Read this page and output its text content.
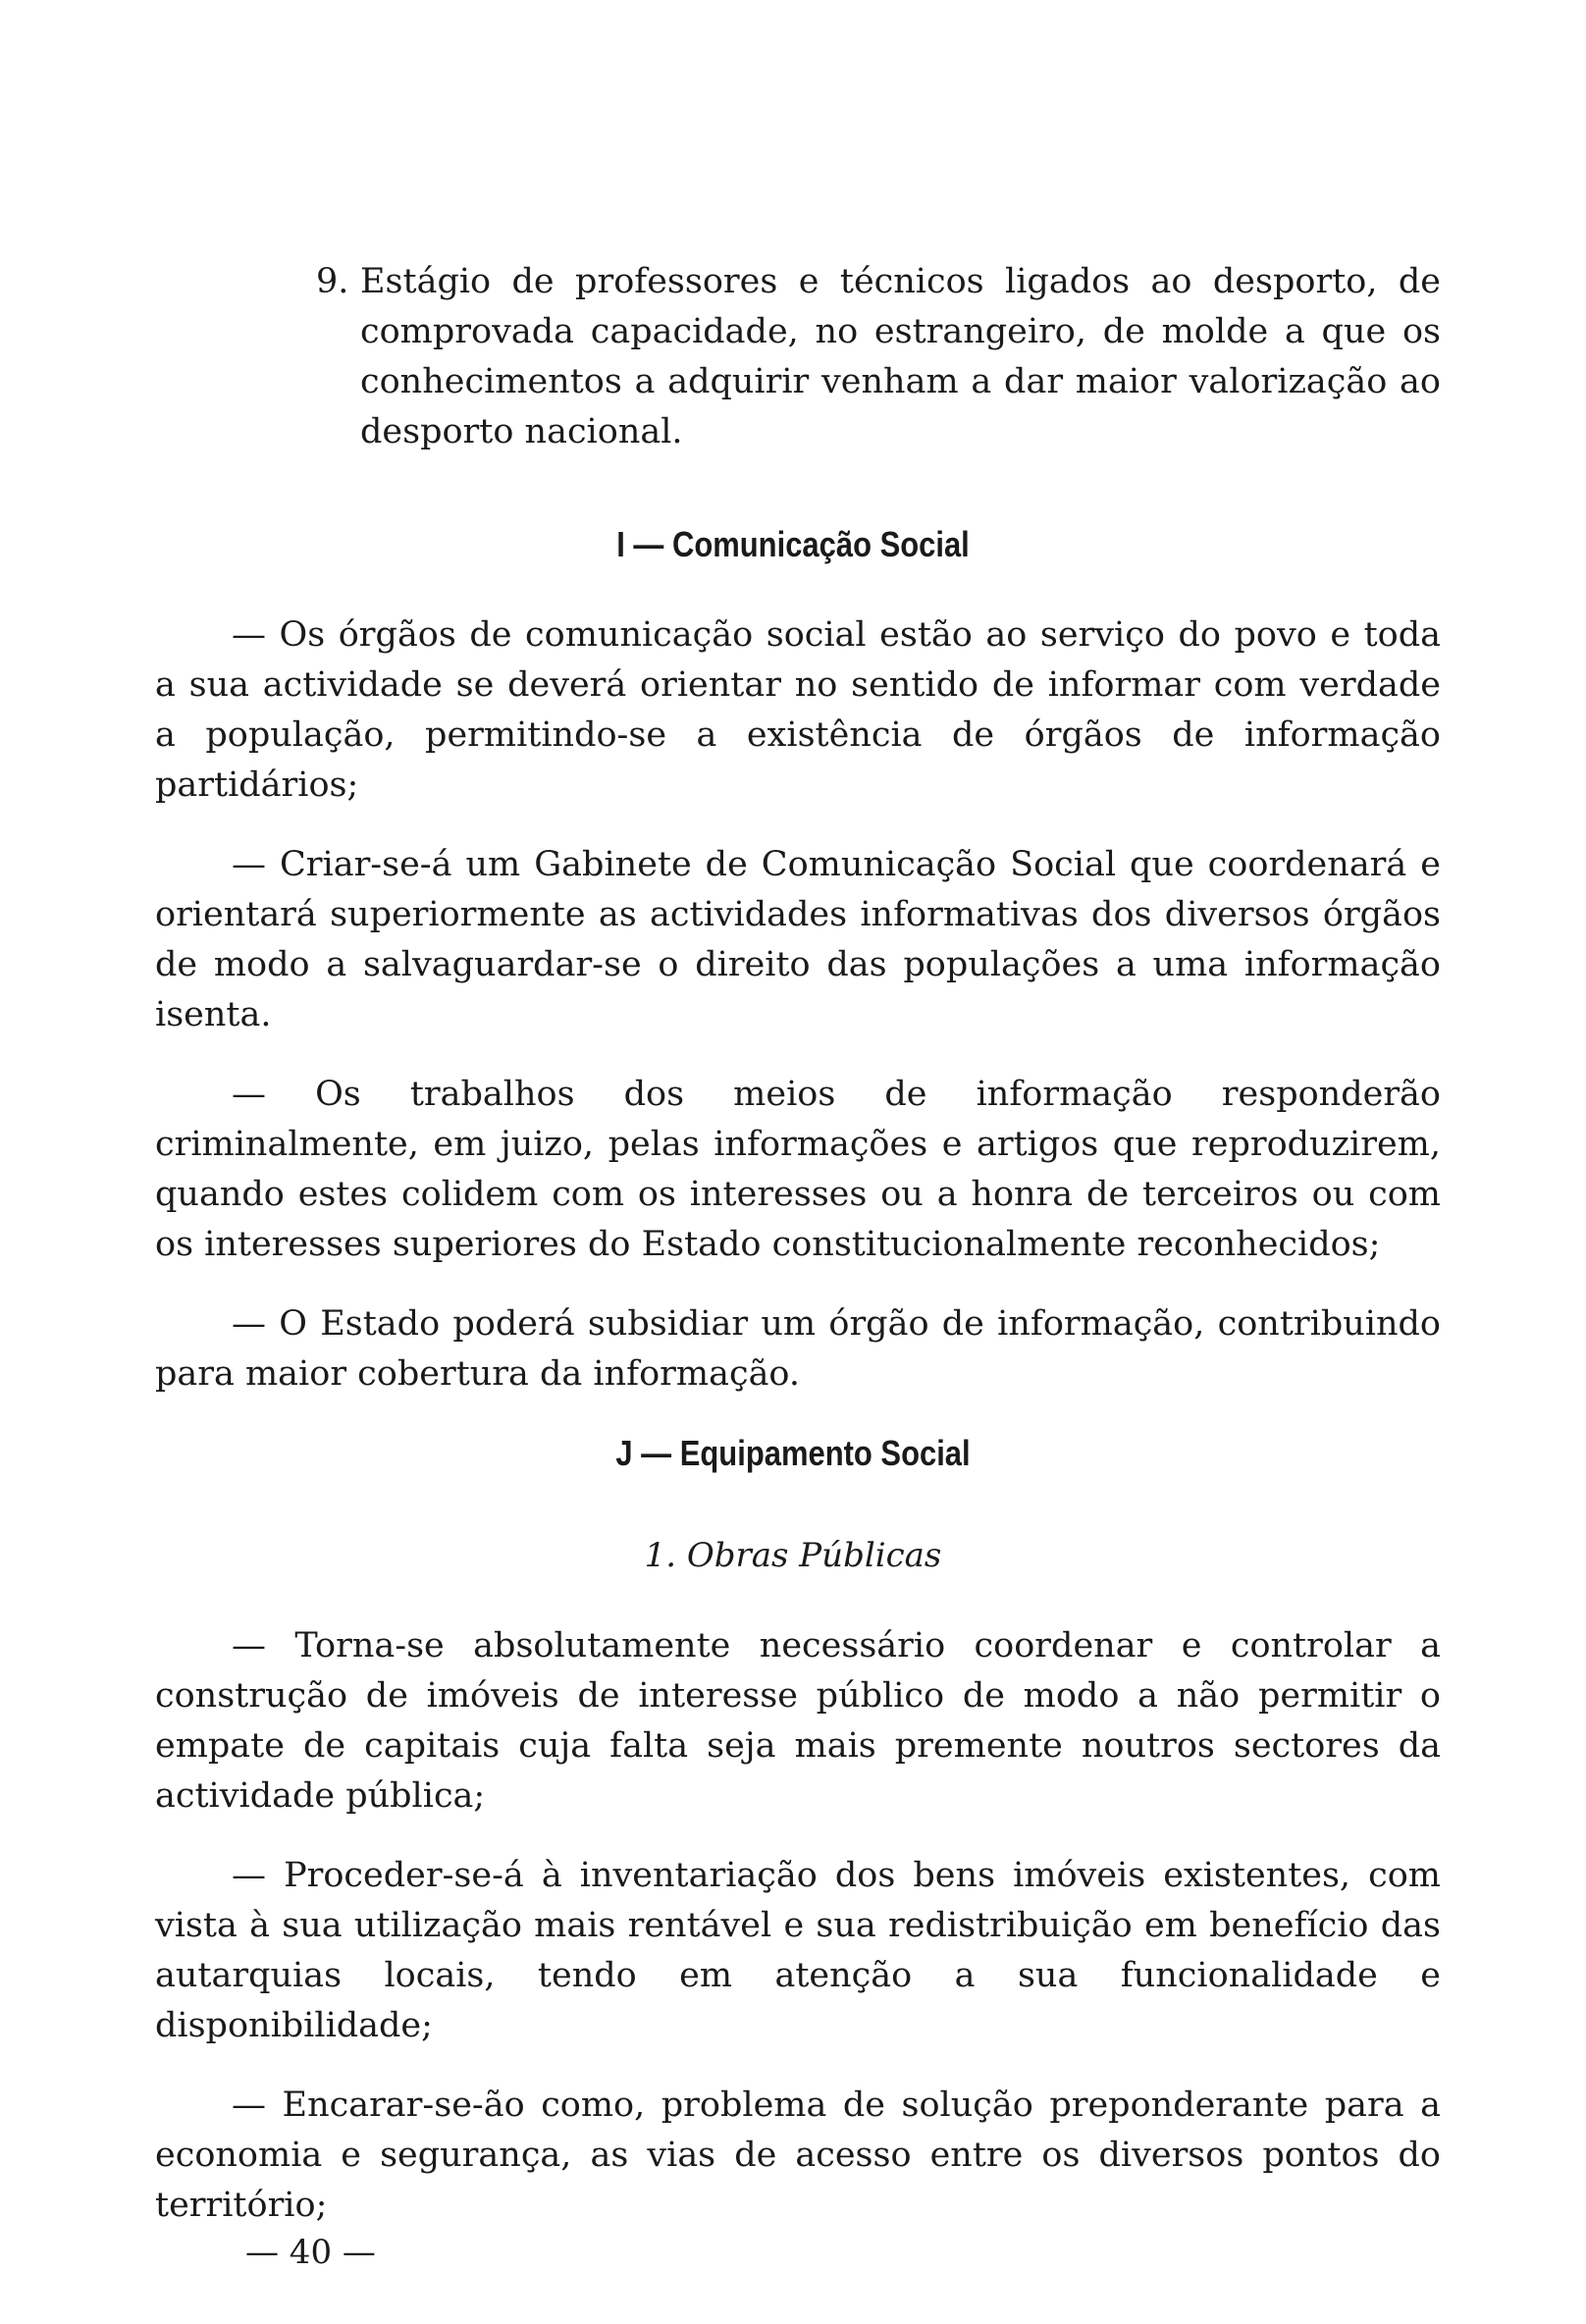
9. Estágio de professores e técnicos ligados ao desporto, de comprovada capacidade, no estrangeiro, de molde a que os conhecimentos a adquirir venham a dar maior valorização ao desporto nacional.

I — Comunicação Social

— Os órgãos de comunicação social estão ao serviço do povo e toda a sua actividade se deverá orientar no sentido de informar com verdade a população, permitindo-se a existência de órgãos de informação partidários;

— Criar-se-á um Gabinete de Comunicação Social que coordenará e orientará superiormente as actividades informativas dos diversos órgãos de modo a salvaguardar-se o direito das populações a uma informação isenta.

— Os trabalhos dos meios de informação responderão criminalmente, em juizo, pelas informações e artigos que reproduzirem, quando estes colidem com os interesses ou a honra de terceiros ou com os interesses superiores do Estado constitucionalmente reconhecidos;

— O Estado poderá subsidiar um órgão de informação, contribuindo para maior cobertura da informação.

J — Equipamento Social
1. Obras Públicas

— Torna-se absolutamente necessário coordenar e controlar a construção de imóveis de interesse público de modo a não permitir o empate de capitais cuja falta seja mais premente noutros sectores da actividade pública;

— Proceder-se-á à inventariação dos bens imóveis existentes, com vista à sua utilização mais rentável e sua redistribuição em benefício das autarquias locais, tendo em atenção a sua funcionalidade e disponibilidade;

— Encarar-se-ão como, problema de solução preponderante para a economia e segurança, as vias de acesso entre os diversos pontos do território;

— 40 —
